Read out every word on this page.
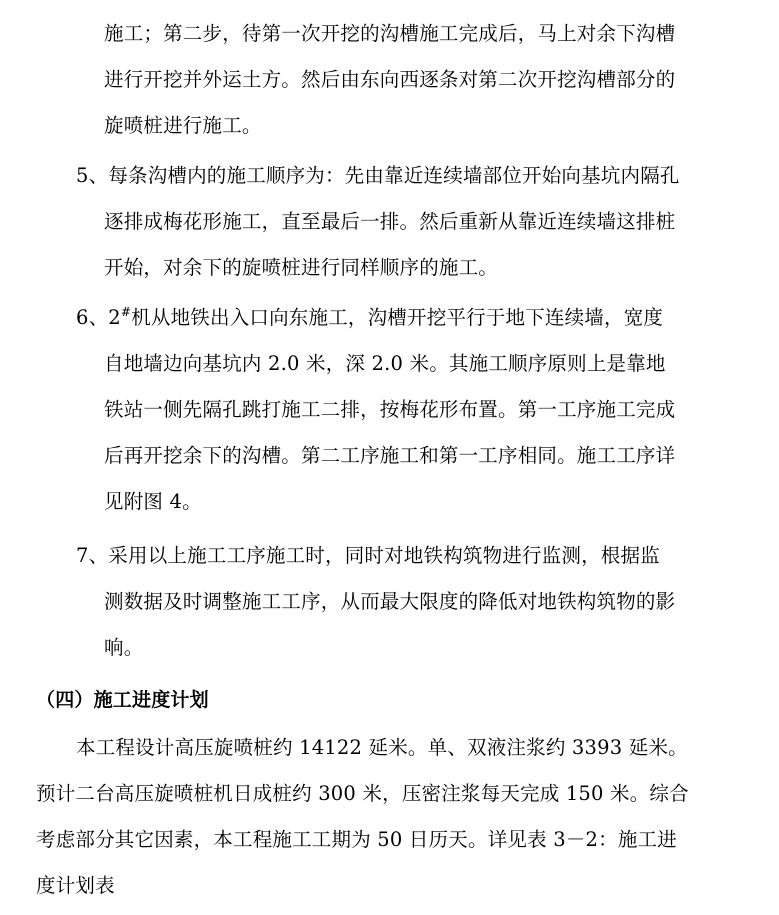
施工；第二步，待第一次开挖的沟槽施工完成后，马上对余下沟槽
进行开挖并外运土方。然后由东向西逐条对第二次开挖沟槽部分的
旋喷桩进行施工。
5、每条沟槽内的施工顺序为：先由靠近连续墙部位开始向基坑内隔孔
逐排成梅花形施工，直至最后一排。然后重新从靠近连续墙这排桩
开始，对余下的旋喷桩进行同样顺序的施工。
6、2#机从地铁出入口向东施工，沟槽开挖平行于地下连续墙，宽度
自地墙边向基坑内 2.0 米，深 2.0 米。其施工顺序原则上是靠地
铁站一侧先隔孔跳打施工二排，按梅花形布置。第一工序施工完成
后再开挖余下的沟槽。第二工序施工和第一工序相同。施工工序详
见附图 4。
7、采用以上施工工序施工时，同时对地铁构筑物进行监测，根据监
测数据及时调整施工工序，从而最大限度的降低对地铁构筑物的影
响。
（四）施工进度计划
本工程设计高压旋喷桩约 14122 延米。单、双液注浆约 3393 延米。
预计二台高压旋喷桩机日成桩约 300 米，压密注浆每天完成 150 米。综合
考虑部分其它因素，本工程施工工期为 50 日历天。详见表 3－2：施工进
度计划表
